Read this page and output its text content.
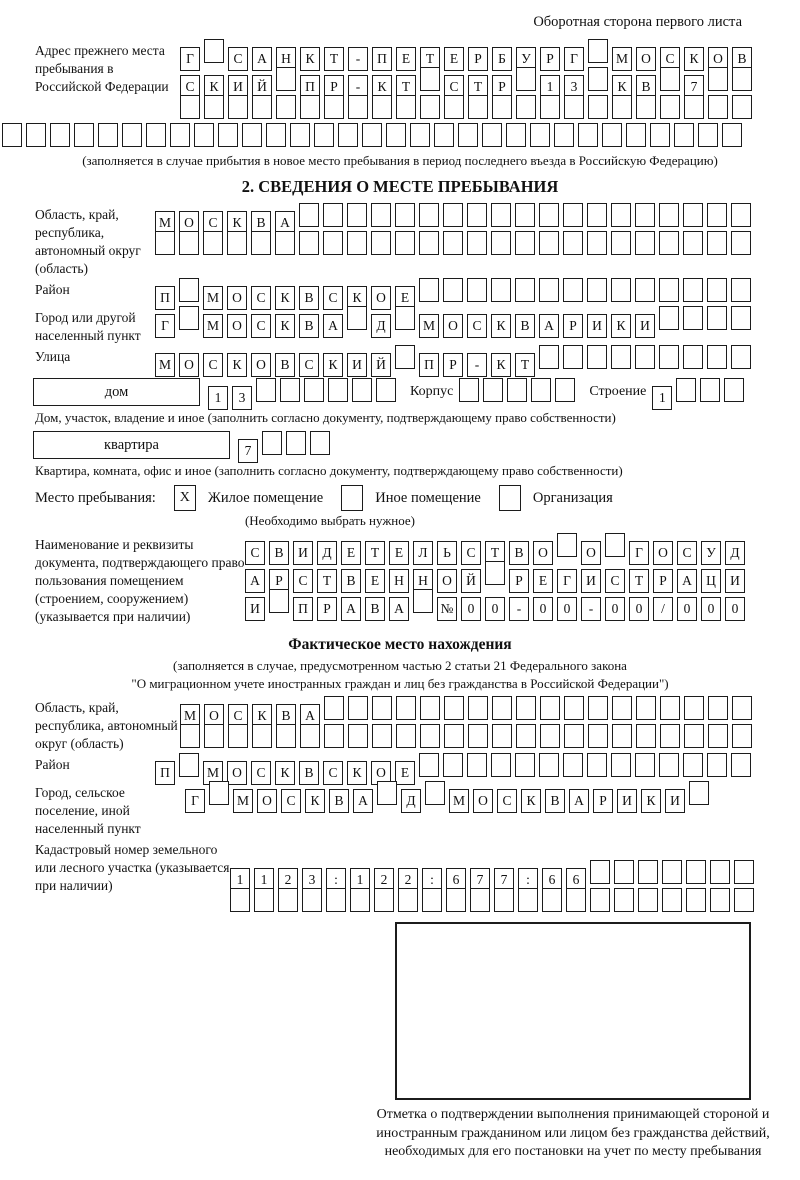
Оборотная сторона первого листа
Адрес прежнего места пребывания в Российской Федерации
Г	С А Н К Т - П Е Т Е Р Б У Р Г	М О С К О В
С К И Й	П Р - К Т	С Т Р	1 3	К В	7
(заполняется в случае прибытия в новое место пребывания в период последнего въезда в Российскую Федерацию)
2. СВЕДЕНИЯ О МЕСТЕ ПРЕБЫВАНИЯ
Область, край, республика, автономный округ (область)
М О С К В А
Район
П	М О С К В С К О Е
Город или другой населенный пункт
Г	М О С К В А	Д	М О С К В А Р И К И
Улица
М О С К О В С К И Й	П Р - К Т
дом	1 3	Корпус	Строение 1
Дом, участок, владение и иное (заполнить согласно документу, подтверждающему право собственности)
квартира	7
Квартира, комната, офис и иное (заполнить согласно документу, подтверждающему право собственности)
Место пребывания:	X	Жилое помещение	Иное помещение	Организация
(Необходимо выбрать нужное)
Наименование и реквизиты документа, подтверждающего право пользования помещением (строением, сооружением) (указывается при наличии)
С В И Д Е Т Е Л Ь С Т В О	О	Г О С У Д
А Р С Т В Е Н Н О Й	Р Е Г И С Т Р А Ц И
И	П Р А В А	№ 0 0 - 0 0 - 0 0 / 0 0 0
Фактическое место нахождения
(заполняется в случае, предусмотренном частью 2 статьи 21 Федерального закона
"О миграционном учете иностранных граждан и лиц без гражданства в Российской Федерации")
Область, край, республика, автономный округ (область)
М О С К В А
Район
П	М О С К В С К О Е
Город, сельское поселение, иной населенный пункт
Г	М О С К В А	Д	М О С К В А Р И К И
Кадастровый номер земельного или лесного участка (указывается при наличии)	1 1 2 3 : 1 2 2 : 6 7 7 : 6 6
Отметка о подтверждении выполнения принимающей стороной и иностранным гражданином или лицом без гражданства действий, необходимых для его постановки на учет по месту пребывания
